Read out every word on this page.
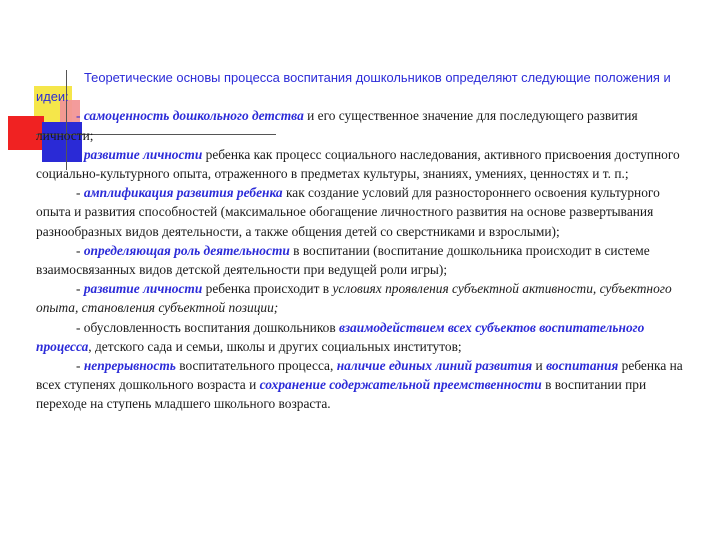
Теоретические основы процесса воспитания дошкольников определяют следующие положения и идеи:

- самоценность дошкольного детства и его существенное значение для последующего развития личности;

- развитие личности ребенка как процесс социального наследования, активного присвоения доступного социально-культурного опыта, отраженного в предметах культуры, знаниях, умениях, ценностях и т. п.;

- амплификация развития ребенка как создание условий для разностороннего освоения культурного опыта и развития способностей (максимальное обогащение личностного развития на основе развертывания разнообразных видов деятельности, а также общения детей со сверстниками и взрослыми);

- определяющая роль деятельности в воспитании (воспитание дошкольника происходит в системе взаимосвязанных видов детской деятельности при ведущей роли игры);

- развитие личности ребенка происходит в условиях проявления субъектной активности, субъектного опыта, становления субъектной позиции;

- обусловленность воспитания дошкольников взаимодействием всех субъектов воспитательного процесса, детского сада и семьи, школы и других социальных институтов;

- непрерывность воспитательного процесса, наличие единых линий развития и воспитания ребенка на всех ступенях дошкольного возраста и сохранение содержательной преемственности в воспитании при переходе на ступень младшего школьного возраста.
